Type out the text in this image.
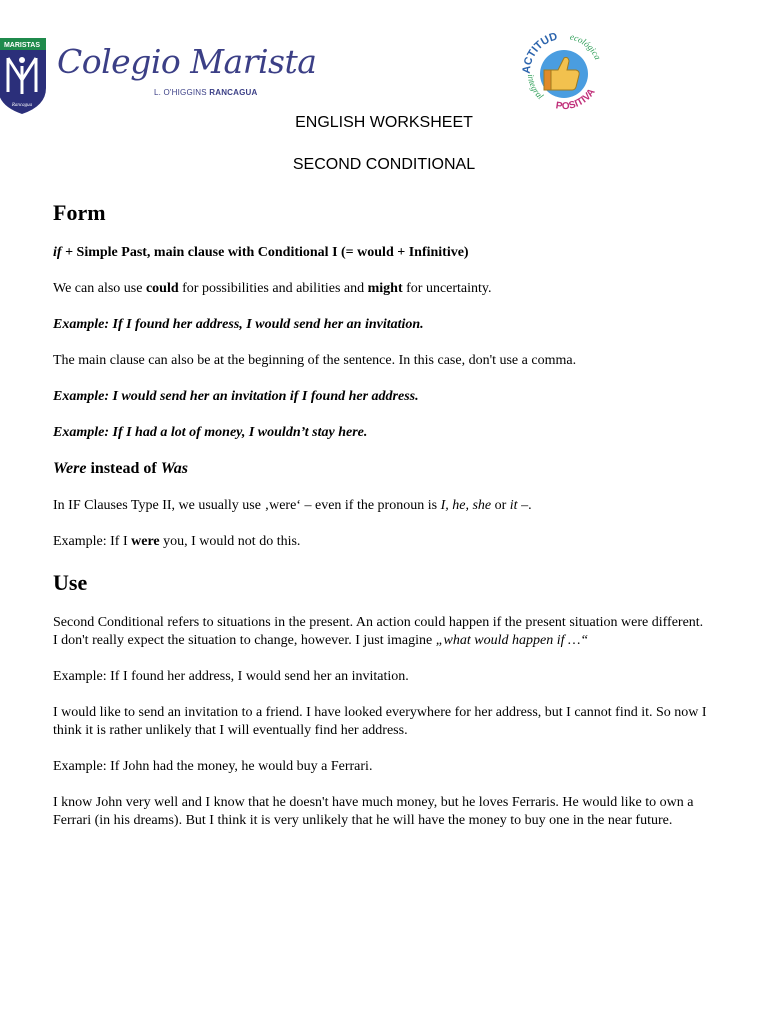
MARISTAS
Rancagua
Colegio Marista
L. O'HIGGINS RANCAGUA
ACTITUD ecológica
integral
POSITIVA
ENGLISH WORKSHEET
SECOND CONDITIONAL
Form
if + Simple Past, main clause with Conditional I (= would + Infinitive)
We can also use could for possibilities and abilities and might for uncertainty.
Example: If I found her address, I would send her an invitation.
The main clause can also be at the beginning of the sentence. In this case, don't use a comma.
Example: I would send her an invitation if I found her address.
Example: If I had a lot of money, I wouldn’t stay here.
Were instead of Was
In IF Clauses Type II, we usually use ‚were‘ – even if the pronoun is I, he, she or it –.
Example: If I were you, I would not do this.
Use
Second Conditional refers to situations in the present. An action could happen if the present situation were different. I don't really expect the situation to change, however. I just imagine „what would happen if …“
Example: If I found her address, I would send her an invitation.
I would like to send an invitation to a friend. I have looked everywhere for her address, but I cannot find it. So now I think it is rather unlikely that I will eventually find her address.
Example: If John had the money, he would buy a Ferrari.
I know John very well and I know that he doesn't have much money, but he loves Ferraris. He would like to own a Ferrari (in his dreams). But I think it is very unlikely that he will have the money to buy one in the near future.
